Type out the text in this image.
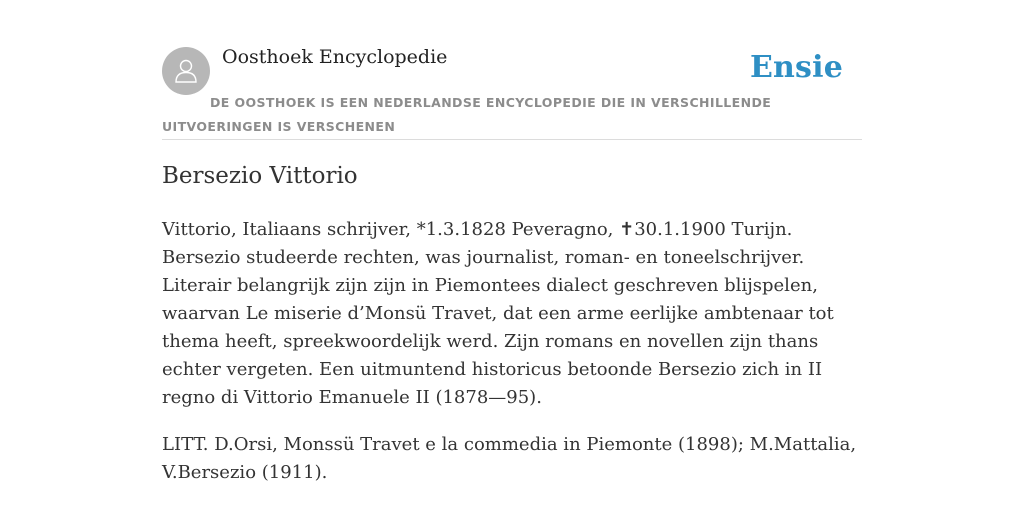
Oosthoek Encyclopedie	Ensie
DE OOSTHOEK IS EEN NEDERLANDSE ENCYCLOPEDIE DIE IN VERSCHILLENDE UITVOERINGEN IS VERSCHENEN
Bersezio Vittorio

Vittorio, Italiaans schrijver, *1.3.1828 Peveragno, ✝30.1.1900 Turijn. Bersezio studeerde rechten, was journalist, roman- en toneelschrijver. Literair belangrijk zijn zijn in Piemontees dialect geschreven blijspelen, waarvan Le miserie d’Monsü Travet, dat een arme eerlijke ambtenaar tot thema heeft, spreekwoordelijk werd. Zijn romans en novellen zijn thans echter vergeten. Een uitmuntend historicus betoonde Bersezio zich in II regno di Vittorio Emanuele II (1878—95).

LITT. D.Orsi, Monssü Travet e la commedia in Piemonte (1898); M.Mattalia, V.Bersezio (1911).
